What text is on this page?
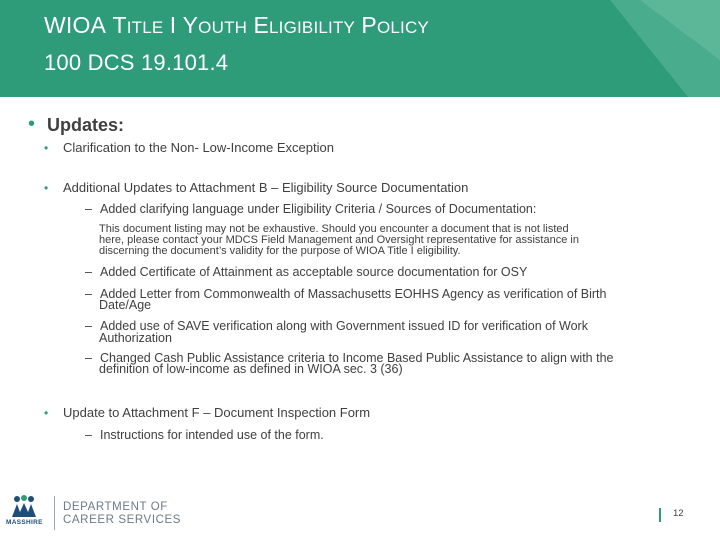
WIOA TITLE I YOUTH ELIGIBILITY POLICY
100 DCS 19.101.4
• Updates:
• Clarification to the Non- Low-Income Exception
• Additional Updates to Attachment B – Eligibility Source Documentation
– Added clarifying language under Eligibility Criteria / Sources of Documentation:
This document listing may not be exhaustive. Should you encounter a document that is not listed
here, please contact your MDCS Field Management and Oversight representative for assistance in
discerning the document’s validity for the purpose of WIOA Title I eligibility.
– Added Certificate of Attainment as acceptable source documentation for OSY
– Added Letter from Commonwealth of Massachusetts EOHHS Agency as verification of Birth
Date/Age
– Added use of SAVE verification along with Government issued ID for verification of Work
Authorization
– Changed Cash Public Assistance criteria to Income Based Public Assistance to align with the
definition of low-income as defined in WIOA sec. 3 (36)
• Update to Attachment F – Document Inspection Form
– Instructions for intended use of the form.
MASSHIRE
DEPARTMENT OF
CAREER SERVICES
12
